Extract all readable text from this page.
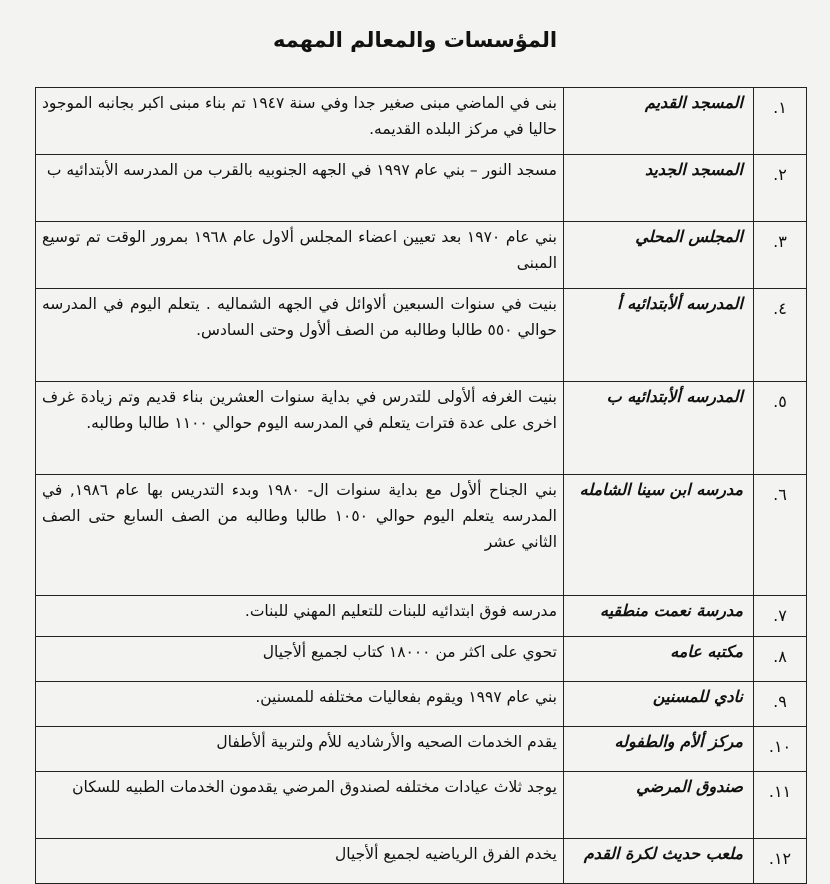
المؤسسات والمعالم المهمه
١.	المسجد القديم	بنى في الماضي مبنى صغير جدا وفي سنة ١٩٤٧ تم بناء مبنى اكبر بجانبه الموجود حاليا في مركز البلده القديمه.
٢.	المسجد الجديد	مسجد النور – بني عام ١٩٩٧ في الجهه الجنوبيه بالقرب من المدرسه الأبتدائيه ب
٣.	المجلس المحلي	بني عام ١٩٧٠ بعد تعيين اعضاء المجلس ألاول عام ١٩٦٨ بمرور الوقت تم توسيع المبنى
٤.	المدرسه ألأبتدائيه أ	بنيت في سنوات السبعين ألاوائل في الجهه الشماليه . يتعلم اليوم في المدرسه حوالي ٥٥٠ طالبا وطالبه من الصف ألأول وحتى السادس.
٥.	المدرسه ألأبتدائيه ب	بنيت الغرفه ألأولى للتدرس في بداية سنوات العشرين بناء قديم وتم زيادة غرف اخرى على عدة فترات يتعلم في المدرسه اليوم حوالي ١١٠٠ طالبا وطالبه.
٦.	مدرسه ابن سينا الشامله	بني الجناح ألأول مع بداية سنوات ال- ١٩٨٠ وبدء التدريس بها عام ١٩٨٦, في المدرسه يتعلم اليوم حوالي ١٠٥٠ طالبا وطالبه من الصف السابع حتى الصف الثاني عشر
٧.	مدرسة نعمت منطقيه	مدرسه فوق ابتدائيه للبنات للتعليم المهني للبنات.
٨.	مكتبه عامه	تحوي على اكثر من ١٨٠٠٠ كتاب لجميع ألأجيال
٩.	نادي للمسنين	بني عام ١٩٩٧ ويقوم بفعاليات مختلفه للمسنين.
١٠.	مركز ألأم والطفوله	يقدم الخدمات الصحيه والأرشاديه للأم ولتربية ألأطفال
١١.	صندوق المرضي	يوجد ثلاث عيادات مختلفه لصندوق المرضي يقدمون الخدمات الطبيه للسكان
١٢.	ملعب حديث لكرة القدم	يخدم الفرق الرياضيه لجميع ألأجيال
